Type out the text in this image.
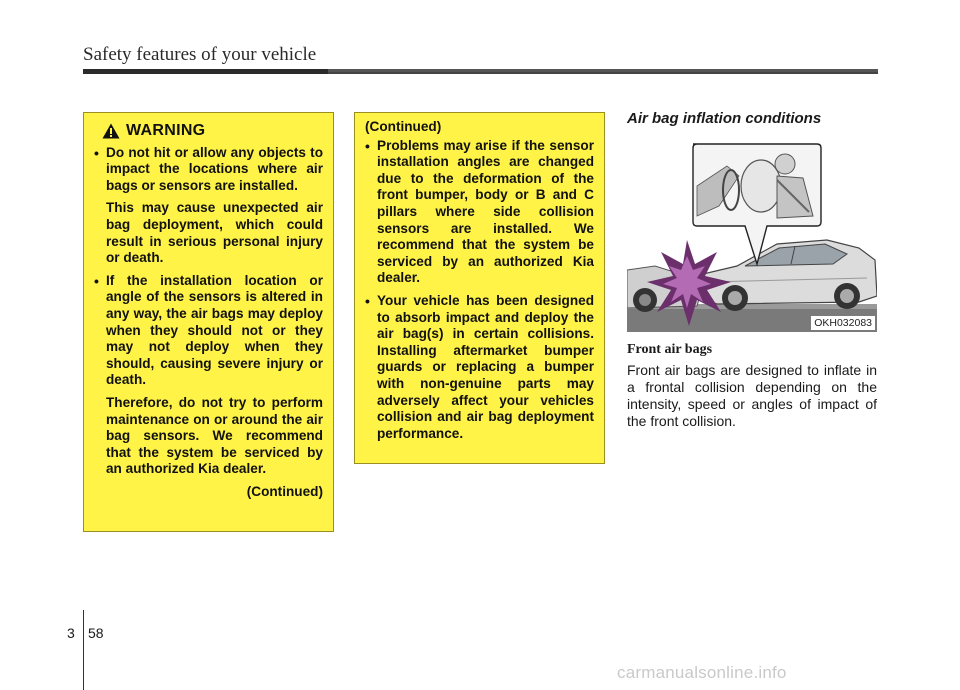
Safety features of your vehicle
WARNING
• Do not hit or allow any objects to impact the locations where air bags or sensors are installed.
This may cause unexpected air bag deployment, which could result in serious personal injury or death.
• If the installation location or angle of the sensors is altered in any way, the air bags may deploy when they should not or they may not deploy when they should, causing severe injury or death.
Therefore, do not try to perform maintenance on or around the air bag sensors. We recommend that the system be serviced by an authorized Kia dealer.
(Continued)
(Continued)
• Problems may arise if the sensor installation angles are changed due to the deformation of the front bumper, body or B and C pillars where side collision sensors are installed. We recommend that the system be serviced by an authorized Kia dealer.
• Your vehicle has been designed to absorb impact and deploy the air bag(s) in certain collisions. Installing aftermarket bumper guards or replacing a bumper with non-genuine parts may adversely affect your vehicles collision and air bag deployment performance.
Air bag inflation conditions
OKH032083
Front air bags
Front air bags are designed to inflate in a frontal collision depending on the intensity, speed or angles of impact of the front collision.
3 58
carmanualsonline.info
